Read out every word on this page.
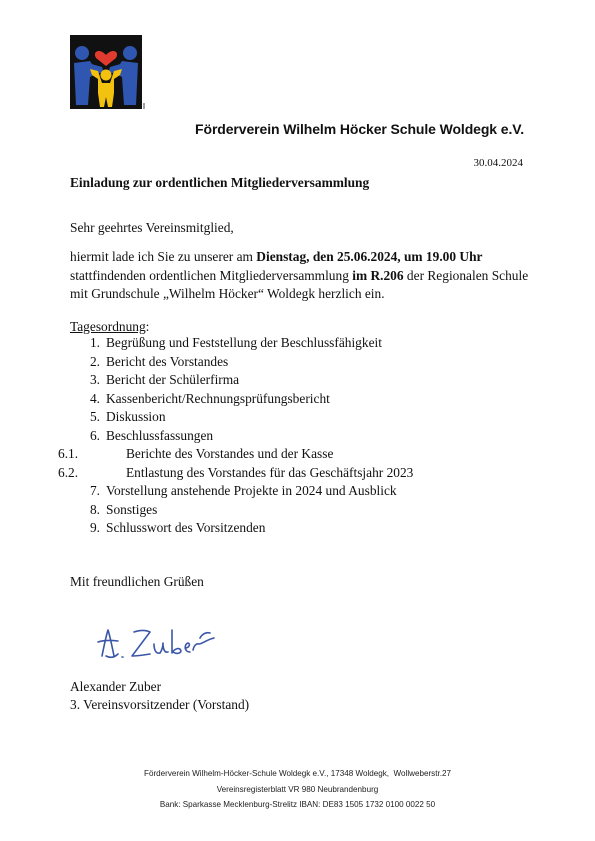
Förderverein Wilhelm Höcker Schule Woldegk e.V.
30.04.2024
Einladung zur ordentlichen Mitgliederversammlung
Sehr geehrtes Vereinsmitglied,
hiermit lade ich Sie zu unserer am Dienstag, den 25.06.2024, um 19.00 Uhr stattfindenden ordentlichen Mitgliederversammlung im R.206 der Regionalen Schule mit Grundschule „Wilhelm Höcker“ Woldegk herzlich ein.
Tagesordnung:
1. Begrüßung und Feststellung der Beschlussfähigkeit
2. Bericht des Vorstandes
3. Bericht der Schülerfirma
4. Kassenbericht/Rechnungsprüfungsbericht
5. Diskussion
6. Beschlussfassungen
6.1.	Berichte des Vorstandes und der Kasse
6.2.	Entlastung des Vorstandes für das Geschäftsjahr 2023
7. Vorstellung anstehende Projekte in 2024 und Ausblick
8. Sonstiges
9. Schlusswort des Vorsitzenden
Mit freundlichen Grüßen
Alexander Zuber
3. Vereinsvorsitzender (Vorstand)
Förderverein Wilhelm-Höcker-Schule Woldegk e.V., 17348 Woldegk,  Wollweberstr.27
Vereinsregisterblatt VR 980 Neubrandenburg
Bank: Sparkasse Mecklenburg-Strelitz IBAN: DE83 1505 1732 0100 0022 50
